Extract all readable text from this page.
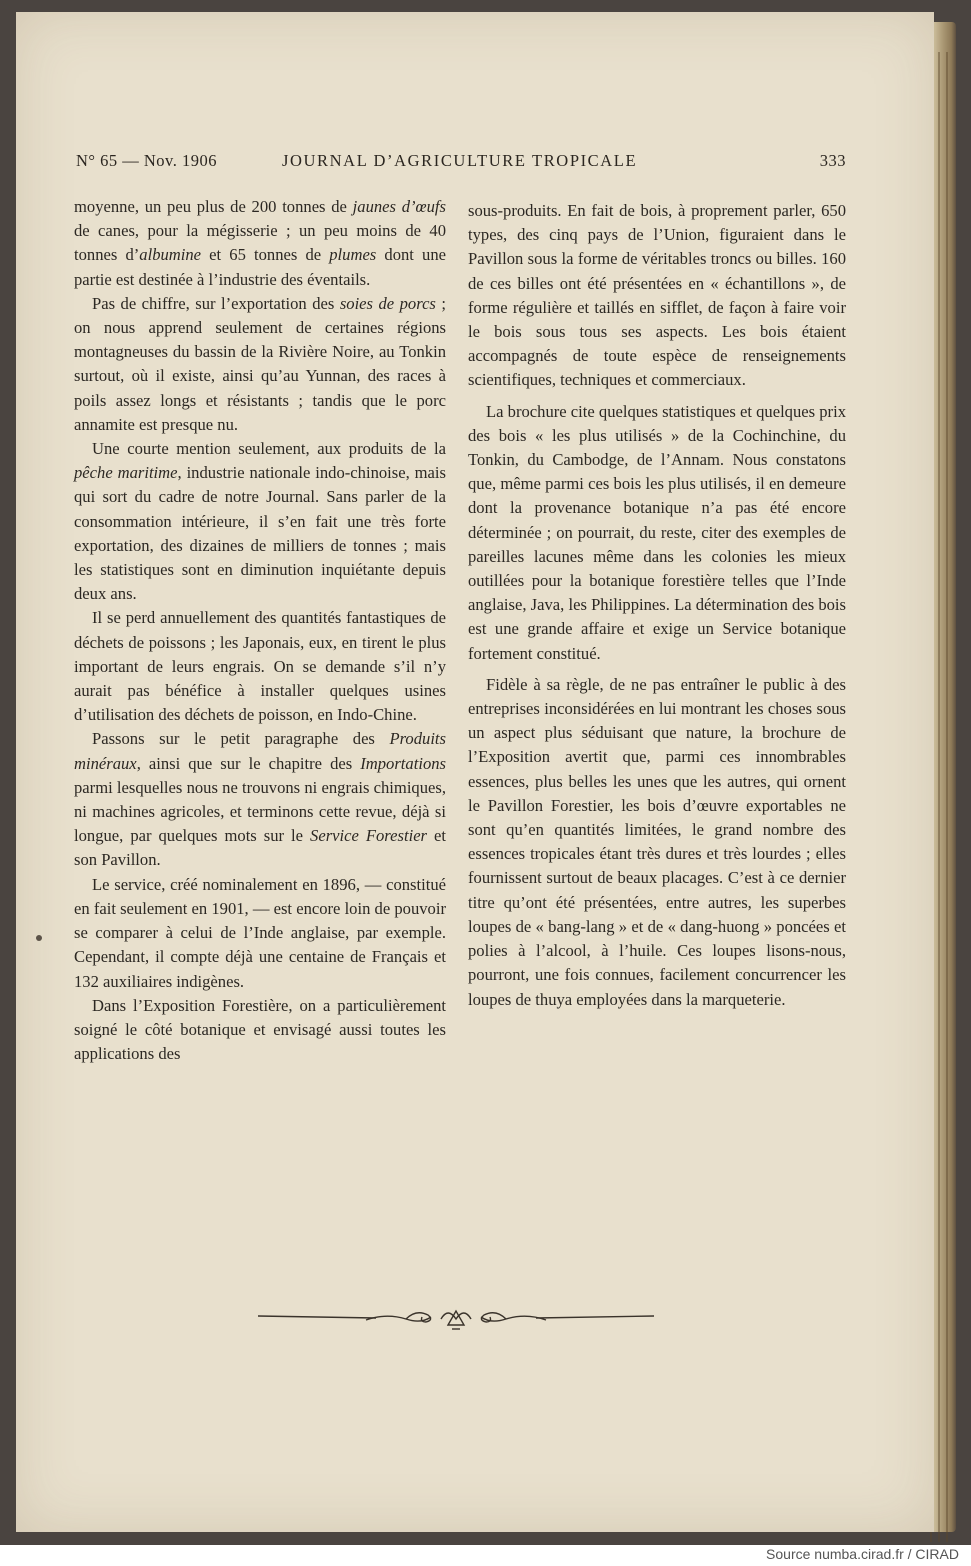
N° 65 — Nov. 1906	JOURNAL D’AGRICULTURE TROPICALE	333

moyenne, un peu plus de 200 tonnes de jaunes d’œufs de canes, pour la mégisserie ; un peu moins de 40 tonnes d’albumine et 65 tonnes de plumes dont une partie est destinée à l’industrie des éventails.

Pas de chiffre, sur l’exportation des soies de porcs ; on nous apprend seulement de certaines régions montagneuses du bassin de la Rivière Noire, au Tonkin surtout, où il existe, ainsi qu’au Yunnan, des races à poils assez longs et résistants ; tandis que le porc annamite est presque nu.

Une courte mention seulement, aux produits de la pêche maritime, industrie nationale indo-chinoise, mais qui sort du cadre de notre Journal. Sans parler de la consommation intérieure, il s’en fait une très forte exportation, des dizaines de milliers de tonnes ; mais les statistiques sont en diminution inquiétante depuis deux ans.

Il se perd annuellement des quantités fantastiques de déchets de poissons ; les Japonais, eux, en tirent le plus important de leurs engrais. On se demande s’il n’y aurait pas bénéfice à installer quelques usines d’utilisation des déchets de poisson, en Indo-Chine.

Passons sur le petit paragraphe des Produits minéraux, ainsi que sur le chapitre des Importations parmi lesquelles nous ne trouvons ni engrais chimiques, ni machines agricoles, et terminons cette revue, déjà si longue, par quelques mots sur le Service Forestier et son Pavillon.

Le service, créé nominalement en 1896, — constitué en fait seulement en 1901, — est encore loin de pouvoir se comparer à celui de l’Inde anglaise, par exemple. Cependant, il compte déjà une centaine de Français et 132 auxiliaires indigènes.

Dans l’Exposition Forestière, on a particulièrement soigné le côté botanique et envisagé aussi toutes les applications des

sous-produits. En fait de bois, à proprement parler, 650 types, des cinq pays de l’Union, figuraient dans le Pavillon sous la forme de véritables troncs ou billes. 160 de ces billes ont été présentées en « échantillons », de forme régulière et taillés en sifflet, de façon à faire voir le bois sous tous ses aspects. Les bois étaient accompagnés de toute espèce de renseignements scientifiques, techniques et commerciaux.

La brochure cite quelques statistiques et quelques prix des bois « les plus utilisés » de la Cochinchine, du Tonkin, du Cambodge, de l’Annam. Nous constatons que, même parmi ces bois les plus utilisés, il en demeure dont la provenance botanique n’a pas été encore déterminée ; on pourrait, du reste, citer des exemples de pareilles lacunes même dans les colonies les mieux outillées pour la botanique forestière telles que l’Inde anglaise, Java, les Philippines. La détermination des bois est une grande affaire et exige un Service botanique fortement constitué.

Fidèle à sa règle, de ne pas entraîner le public à des entreprises inconsidérées en lui montrant les choses sous un aspect plus séduisant que nature, la brochure de l’Exposition avertit que, parmi ces innombrables essences, plus belles les unes que les autres, qui ornent le Pavillon Forestier, les bois d’œuvre exportables ne sont qu’en quantités limitées, le grand nombre des essences tropicales étant très dures et très lourdes ; elles fournissent surtout de beaux placages. C’est à ce dernier titre qu’ont été présentées, entre autres, les superbes loupes de « bang-lang » et de « dang-huong » poncées et polies à l’alcool, à l’huile. Ces loupes lisons-nous, pourront, une fois connues, facilement concurrencer les loupes de thuya employées dans la marqueterie.

Source numba.cirad.fr / CIRAD
